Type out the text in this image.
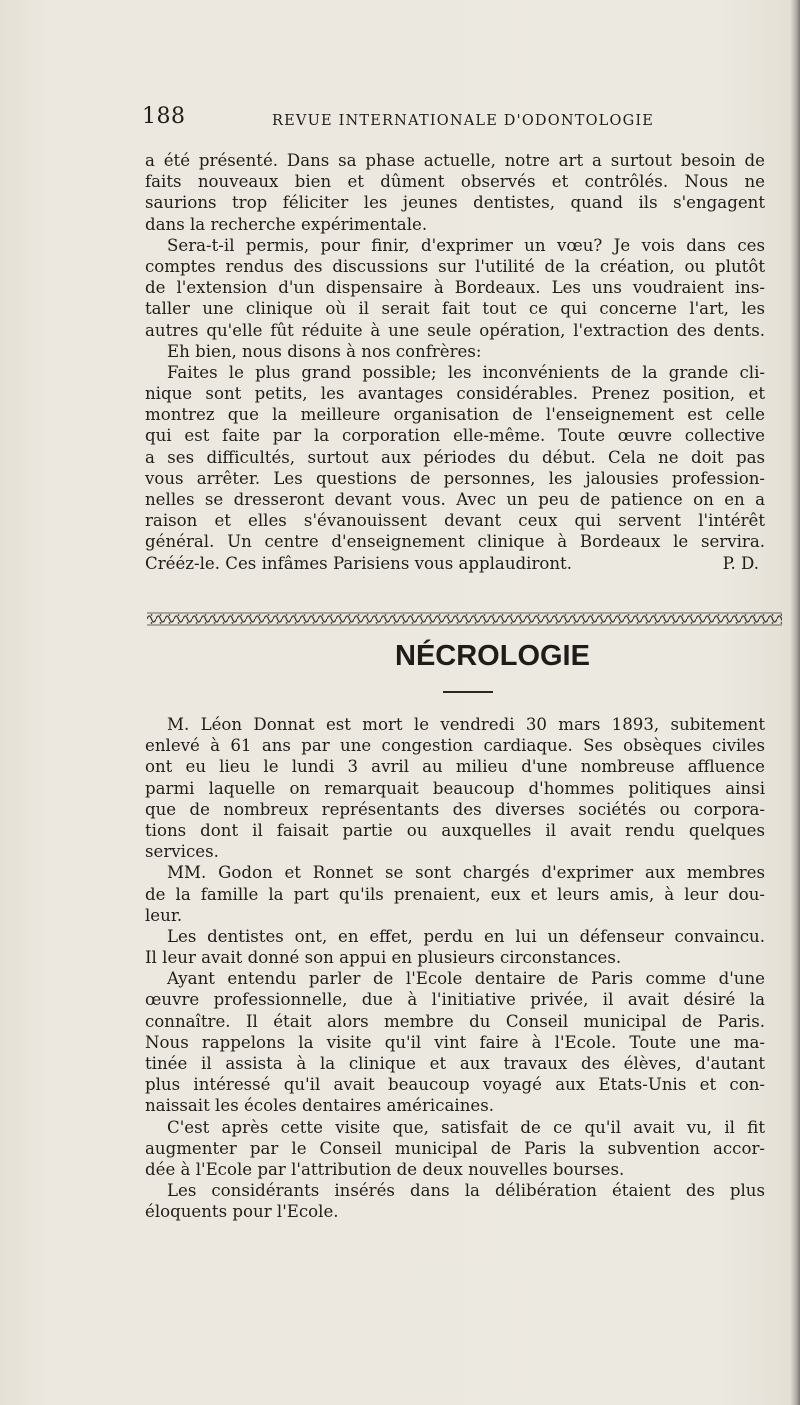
188	REVUE INTERNATIONALE D'ODONTOLOGIE
a été présenté. Dans sa phase actuelle, notre art a surtout besoin de
faits nouveaux bien et dûment observés et contrôlés. Nous ne
saurions trop féliciter les jeunes dentistes, quand ils s'engagent
dans la recherche expérimentale.
Sera-t-il permis, pour finir, d'exprimer un vœu? Je vois dans ces
comptes rendus des discussions sur l'utilité de la création, ou plutôt
de l'extension d'un dispensaire à Bordeaux. Les uns voudraient ins-
taller une clinique où il serait fait tout ce qui concerne l'art, les
autres qu'elle fût réduite à une seule opération, l'extraction des dents.
Eh bien, nous disons à nos confrères:
Faites le plus grand possible; les inconvénients de la grande cli-
nique sont petits, les avantages considérables. Prenez position, et
montrez que la meilleure organisation de l'enseignement est celle
qui est faite par la corporation elle-même. Toute œuvre collective
a ses difficultés, surtout aux périodes du début. Cela ne doit pas
vous arrêter. Les questions de personnes, les jalousies profession-
nelles se dresseront devant vous. Avec un peu de patience on en a
raison et elles s'évanouissent devant ceux qui servent l'intérêt
général. Un centre d'enseignement clinique à Bordeaux le servira.
Crééz-le. Ces infâmes Parisiens vous applaudiront.	P. D.
NÉCROLOGIE
M. Léon Donnat est mort le vendredi 30 mars 1893, subitement
enlevé à 61 ans par une congestion cardiaque. Ses obsèques civiles
ont eu lieu le lundi 3 avril au milieu d'une nombreuse affluence
parmi laquelle on remarquait beaucoup d'hommes politiques ainsi
que de nombreux représentants des diverses sociétés ou corpora-
tions dont il faisait partie ou auxquelles il avait rendu quelques
services.
MM. Godon et Ronnet se sont chargés d'exprimer aux membres
de la famille la part qu'ils prenaient, eux et leurs amis, à leur dou-
leur.
Les dentistes ont, en effet, perdu en lui un défenseur convaincu.
Il leur avait donné son appui en plusieurs circonstances.
Ayant entendu parler de l'Ecole dentaire de Paris comme d'une
œuvre professionnelle, due à l'initiative privée, il avait désiré la
connaître. Il était alors membre du Conseil municipal de Paris.
Nous rappelons la visite qu'il vint faire à l'Ecole. Toute une ma-
tinée il assista à la clinique et aux travaux des élèves, d'autant
plus intéressé qu'il avait beaucoup voyagé aux Etats-Unis et con-
naissait les écoles dentaires américaines.
C'est après cette visite que, satisfait de ce qu'il avait vu, il fit
augmenter par le Conseil municipal de Paris la subvention accor-
dée à l'Ecole par l'attribution de deux nouvelles bourses.
Les considérants insérés dans la délibération étaient des plus
éloquents pour l'Ecole.
